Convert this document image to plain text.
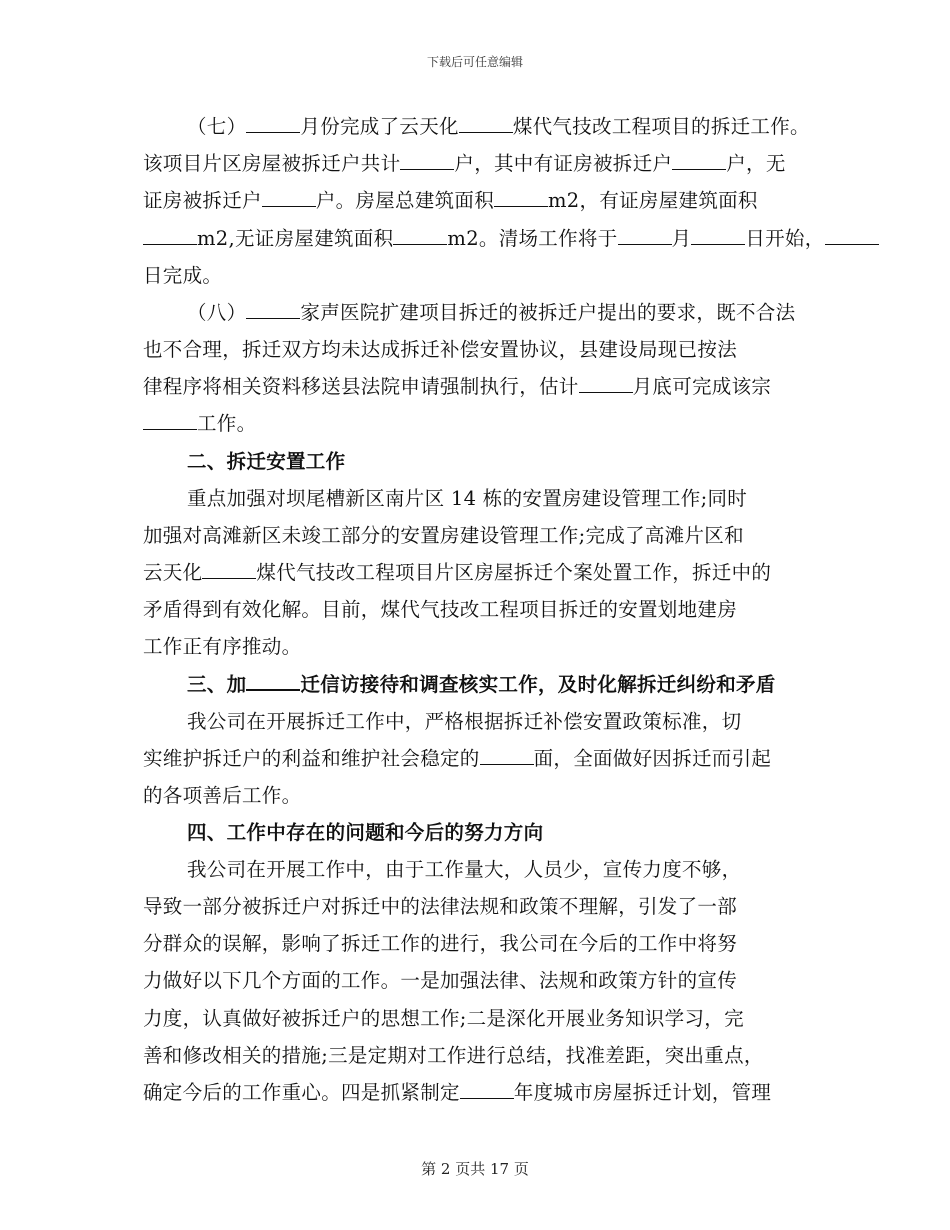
下载后可任意编辑
（七）	月份完成了云天化	煤代气技改工程项目的拆迁工作。
该项目片区房屋被拆迁户共计	户，其中有证房被拆迁户	户，无
证房被拆迁户	户。房屋总建筑面积	m2，有证房屋建筑面积
m2,无证房屋建筑面积	m2。清场工作将于	月	日开始，
日完成。
（八）	家声医院扩建项目拆迁的被拆迁户提出的要求，既不合法
也不合理，拆迁双方均未达成拆迁补偿安置协议，县建设局现已按法
律程序将相关资料移送县法院申请强制执行，估计	月底可完成该宗
工作。
二、拆迁安置工作
重点加强对坝尾槽新区南片区 14 栋的安置房建设管理工作;同时
加强对高滩新区未竣工部分的安置房建设管理工作;完成了高滩片区和
云天化	煤代气技改工程项目片区房屋拆迁个案处置工作，拆迁中的
矛盾得到有效化解。目前，煤代气技改工程项目拆迁的安置划地建房
工作正有序推动。
三、加	迁信访接待和调查核实工作，及时化解拆迁纠纷和矛盾
我公司在开展拆迁工作中，严格根据拆迁补偿安置政策标准，切
实维护拆迁户的利益和维护社会稳定的	面，全面做好因拆迁而引起
的各项善后工作。
四、工作中存在的问题和今后的努力方向
我公司在开展工作中，由于工作量大，人员少，宣传力度不够，
导致一部分被拆迁户对拆迁中的法律法规和政策不理解，引发了一部
分群众的误解，影响了拆迁工作的进行，我公司在今后的工作中将努
力做好以下几个方面的工作。一是加强法律、法规和政策方针的宣传
力度，认真做好被拆迁户的思想工作;二是深化开展业务知识学习，完
善和修改相关的措施;三是定期对工作进行总结，找准差距，突出重点，
确定今后的工作重心。四是抓紧制定	年度城市房屋拆迁计划，管理
第 2 页共 17 页
